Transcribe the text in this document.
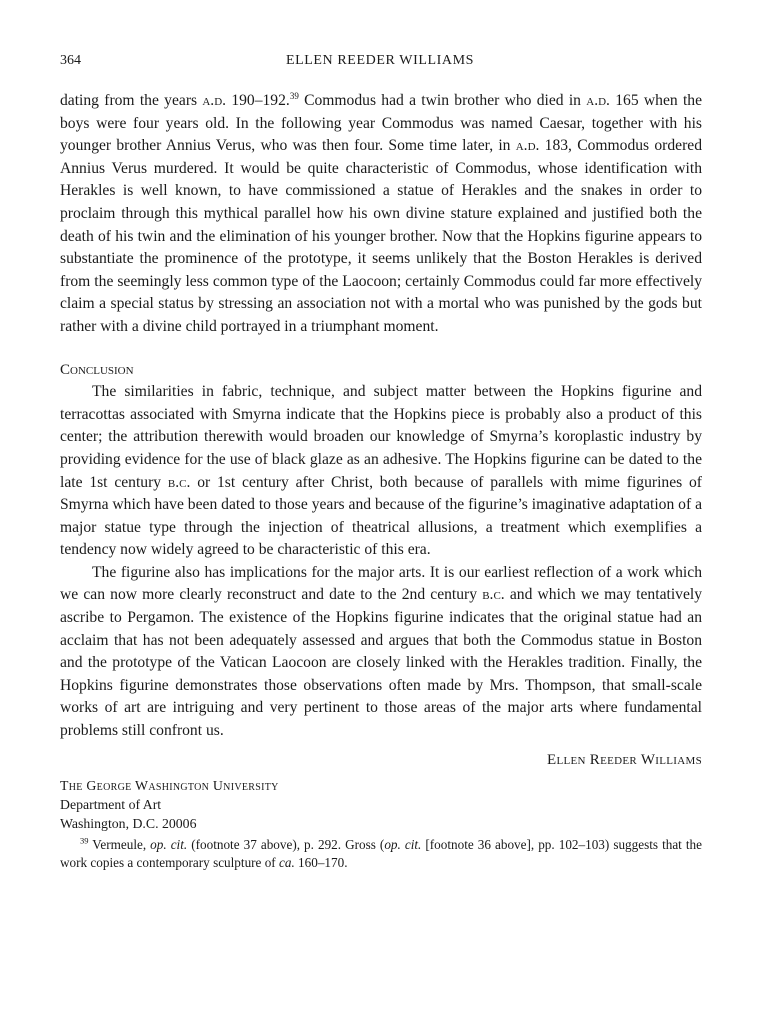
364	ELLEN REEDER WILLIAMS

dating from the years a.d. 190–192.39 Commodus had a twin brother who died in a.d. 165 when the boys were four years old. In the following year Commodus was named Caesar, together with his younger brother Annius Verus, who was then four. Some time later, in a.d. 183, Commodus ordered Annius Verus murdered. It would be quite characteristic of Commodus, whose identification with Herakles is well known, to have commissioned a statue of Herakles and the snakes in order to proclaim through this mythical parallel how his own divine stature explained and justified both the death of his twin and the elimination of his younger brother. Now that the Hopkins figurine appears to substantiate the prominence of the prototype, it seems unlikely that the Boston Herakles is derived from the seemingly less common type of the Laocoon; certainly Commodus could far more effectively claim a special status by stressing an association not with a mortal who was punished by the gods but rather with a divine child portrayed in a triumphant moment.

Conclusion

The similarities in fabric, technique, and subject matter between the Hopkins figurine and terracottas associated with Smyrna indicate that the Hopkins piece is probably also a product of this center; the attribution therewith would broaden our knowledge of Smyrna’s koroplastic industry by providing evidence for the use of black glaze as an adhesive. The Hopkins figurine can be dated to the late 1st century b.c. or 1st century after Christ, both because of parallels with mime figurines of Smyrna which have been dated to those years and because of the figurine’s imaginative adaptation of a major statue type through the injection of theatrical allusions, a treatment which exemplifies a tendency now widely agreed to be characteristic of this era.

The figurine also has implications for the major arts. It is our earliest reflection of a work which we can now more clearly reconstruct and date to the 2nd century b.c. and which we may tentatively ascribe to Pergamon. The existence of the Hopkins figurine indicates that the original statue had an acclaim that has not been adequately assessed and argues that both the Commodus statue in Boston and the prototype of the Vatican Laocoon are closely linked with the Herakles tradition. Finally, the Hopkins figurine demonstrates those observations often made by Mrs. Thompson, that small-scale works of art are intriguing and very pertinent to those areas of the major arts where fundamental problems still confront us.

Ellen Reeder Williams
The George Washington University
Department of Art
Washington, D.C. 20006

$^{39}$ Vermeule, op. cit. (footnote 37 above), p. 292. Gross (op. cit. [footnote 36 above], pp. 102–103) suggests that the work copies a contemporary sculpture of ca. 160–170.
